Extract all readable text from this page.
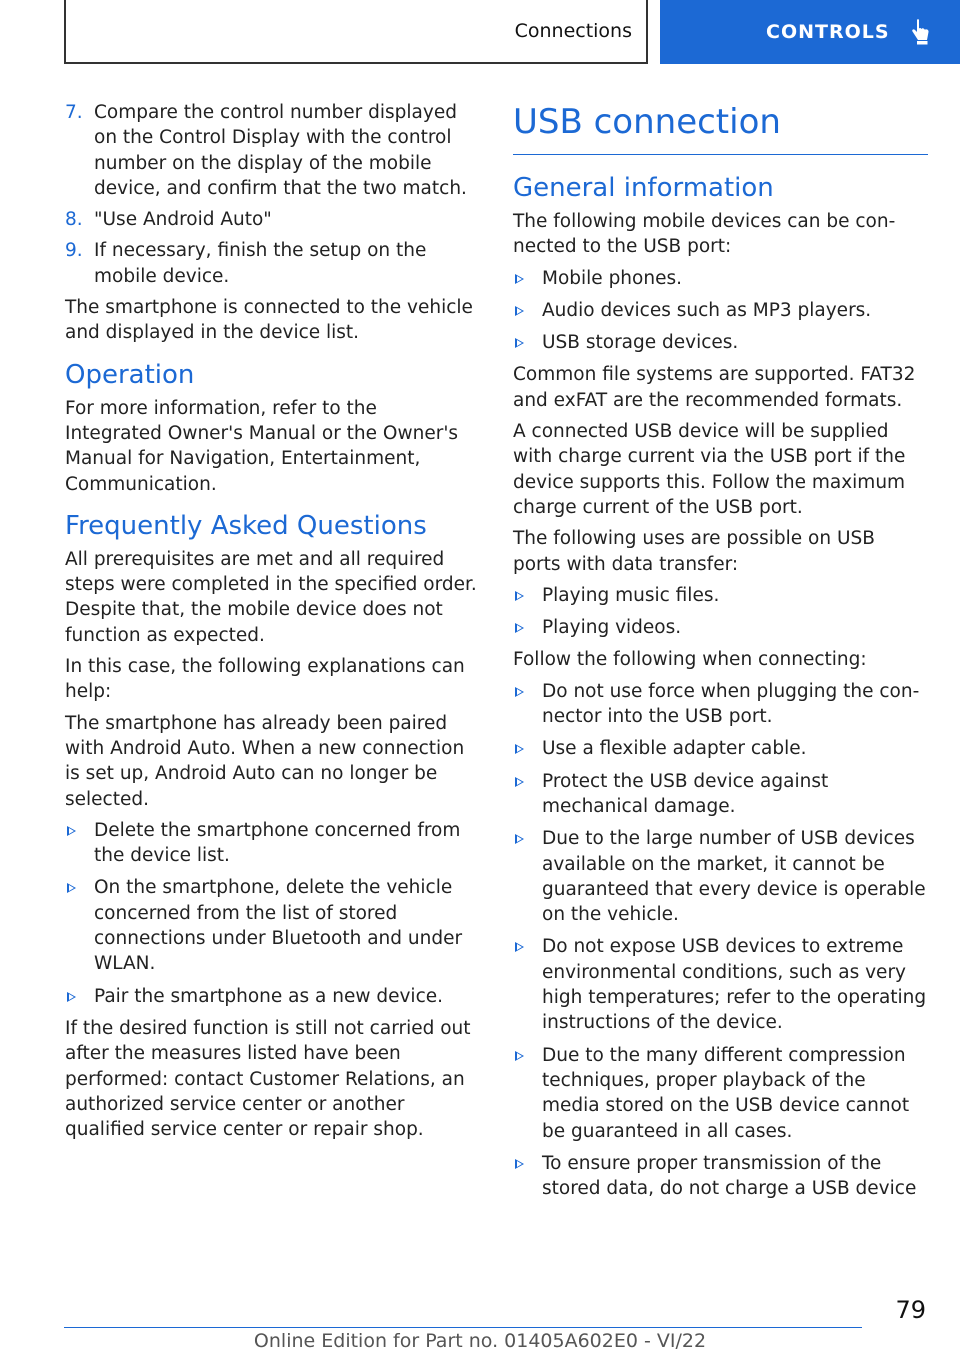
Connections	CONTROLS
7. Compare the control number displayed on the Control Display with the control number on the display of the mobile device, and confirm that the two match.
8. "Use Android Auto"
9. If necessary, finish the setup on the mobile device.

The smartphone is connected to the vehicle and displayed in the device list.

Operation

For more information, refer to the Integrated Owner's Manual or the Owner's Manual for Navigation, Entertainment, Communication.

Frequently Asked Questions

All prerequisites are met and all required steps were completed in the specified order. Despite that, the mobile device does not function as expected.

In this case, the following explanations can help:

The smartphone has already been paired with Android Auto. When a new connection is set up, Android Auto can no longer be selected.

Delete the smartphone concerned from the device list.
On the smartphone, delete the vehicle concerned from the list of stored connections under Bluetooth and under WLAN.
Pair the smartphone as a new device.

If the desired function is still not carried out after the measures listed have been performed: contact Customer Relations, an authorized service center or another qualified service center or repair shop.

USB connection
General information

The following mobile devices can be connected to the USB port:

Mobile phones.
Audio devices such as MP3 players.
USB storage devices.

Common file systems are supported. FAT32 and exFAT are the recommended formats.

A connected USB device will be supplied with charge current via the USB port if the device supports this. Follow the maximum charge current of the USB port.

The following uses are possible on USB ports with data transfer:

Playing music files.
Playing videos.

Follow the following when connecting:

Do not use force when plugging the connector into the USB port.
Use a flexible adapter cable.
Protect the USB device against mechanical damage.
Due to the large number of USB devices available on the market, it cannot be guaranteed that every device is operable on the vehicle.
Do not expose USB devices to extreme environmental conditions, such as very high temperatures; refer to the operating instructions of the device.
Due to the many different compression techniques, proper playback of the media stored on the USB device cannot be guaranteed in all cases.
To ensure proper transmission of the stored data, do not charge a USB device
79
Online Edition for Part no. 01405A602E0 - VI/22
